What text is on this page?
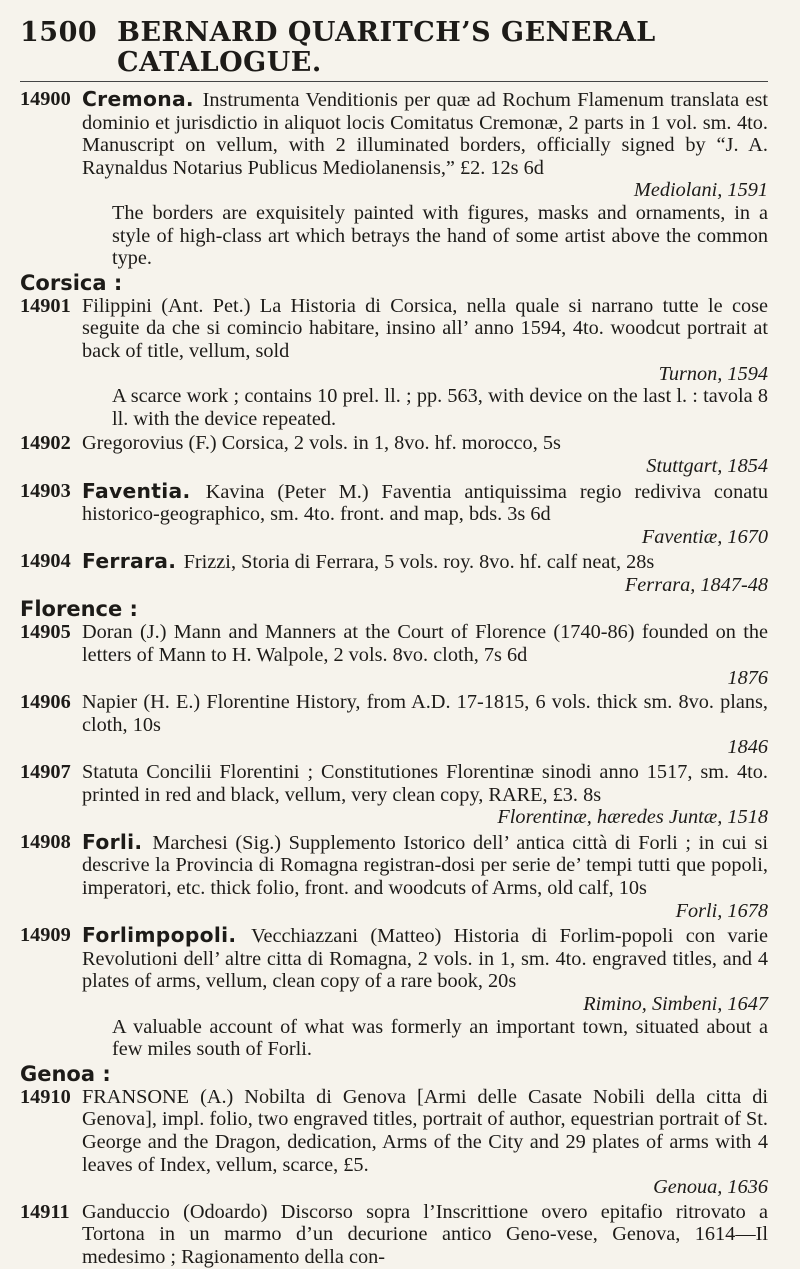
1500 BERNARD QUARITCH’S GENERAL CATALOGUE.
14900 Cremona. Instrumenta Venditionis per quæ ad Rochum Flamenum translata est dominio et jurisdictio in aliquot locis Comitatus Cremonæ, 2 parts in 1 vol. sm. 4to. Manuscript on vellum, with 2 illuminated borders, officially signed by “J. A. Raynaldus Notarius Publicus Mediolanensis,” £2. 12s 6d
Mediolani, 1591
The borders are exquisitely painted with figures, masks and ornaments, in a style of high-class art which betrays the hand of some artist above the common type.
Corsica :
14901 Filippini (Ant. Pet.) La Historia di Corsica, nella quale si narrano tutte le cose seguite da che si comincio habitare, insino all’ anno 1594, 4to. woodcut portrait at back of title, vellum, sold
Turnon, 1594
A scarce work ; contains 10 prel. ll. ; pp. 563, with device on the last l. : tavola 8 ll. with the device repeated.
14902 Gregorovius (F.) Corsica, 2 vols. in 1, 8vo. hf. morocco, 5s
Stuttgart, 1854
14903 Faventia. Kavina (Peter M.) Faventia antiquissima regio rediviva conatu historico-geographico, sm. 4to. front. and map, bds. 3s 6d
Faventiæ, 1670
14904 Ferrara. Frizzi, Storia di Ferrara, 5 vols. roy. 8vo. hf. calf neat, 28s
Ferrara, 1847-48
Florence :
14905 Doran (J.) Mann and Manners at the Court of Florence (1740-86) founded on the letters of Mann to H. Walpole, 2 vols. 8vo. cloth, 7s 6d
1876
14906 Napier (H. E.) Florentine History, from A.D. 17-1815, 6 vols. thick sm. 8vo. plans, cloth, 10s
1846
14907 Statuta Concilii Florentini ; Constitutiones Florentinæ sinodi anno 1517, sm. 4to. printed in red and black, vellum, very clean copy, RARE, £3. 8s
Florentinæ, hæredes Juntæ, 1518
14908 Forli. Marchesi (Sig.) Supplemento Istorico dell’ antica città di Forli ; in cui si descrive la Provincia di Romagna registran-dosi per serie de’ tempi tutti que popoli, imperatori, etc. thick folio, front. and woodcuts of Arms, old calf, 10s
Forli, 1678
14909 Forlimpopoli. Vecchiazzani (Matteo) Historia di Forlim-popoli con varie Revolutioni dell’ altre citta di Romagna, 2 vols. in 1, sm. 4to. engraved titles, and 4 plates of arms, vellum, clean copy of a rare book, 20s
Rimino, Simbeni, 1647
A valuable account of what was formerly an important town, situated about a few miles south of Forli.
Genoa :
14910 FRANSONE (A.) Nobilta di Genova [Armi delle Casate Nobili della citta di Genova], impl. folio, two engraved titles, portrait of author, equestrian portrait of St. George and the Dragon, dedication, Arms of the City and 29 plates of arms with 4 leaves of Index, vellum, scarce, £5.
Genoua, 1636
14911 Ganduccio (Odoardo) Discorso sopra l’Inscrittione overo epitafio ritrovato a Tortona in un marmo d’un decurione antico Geno-vese, Genova, 1614—Il medesimo ; Ragionamento della con-
